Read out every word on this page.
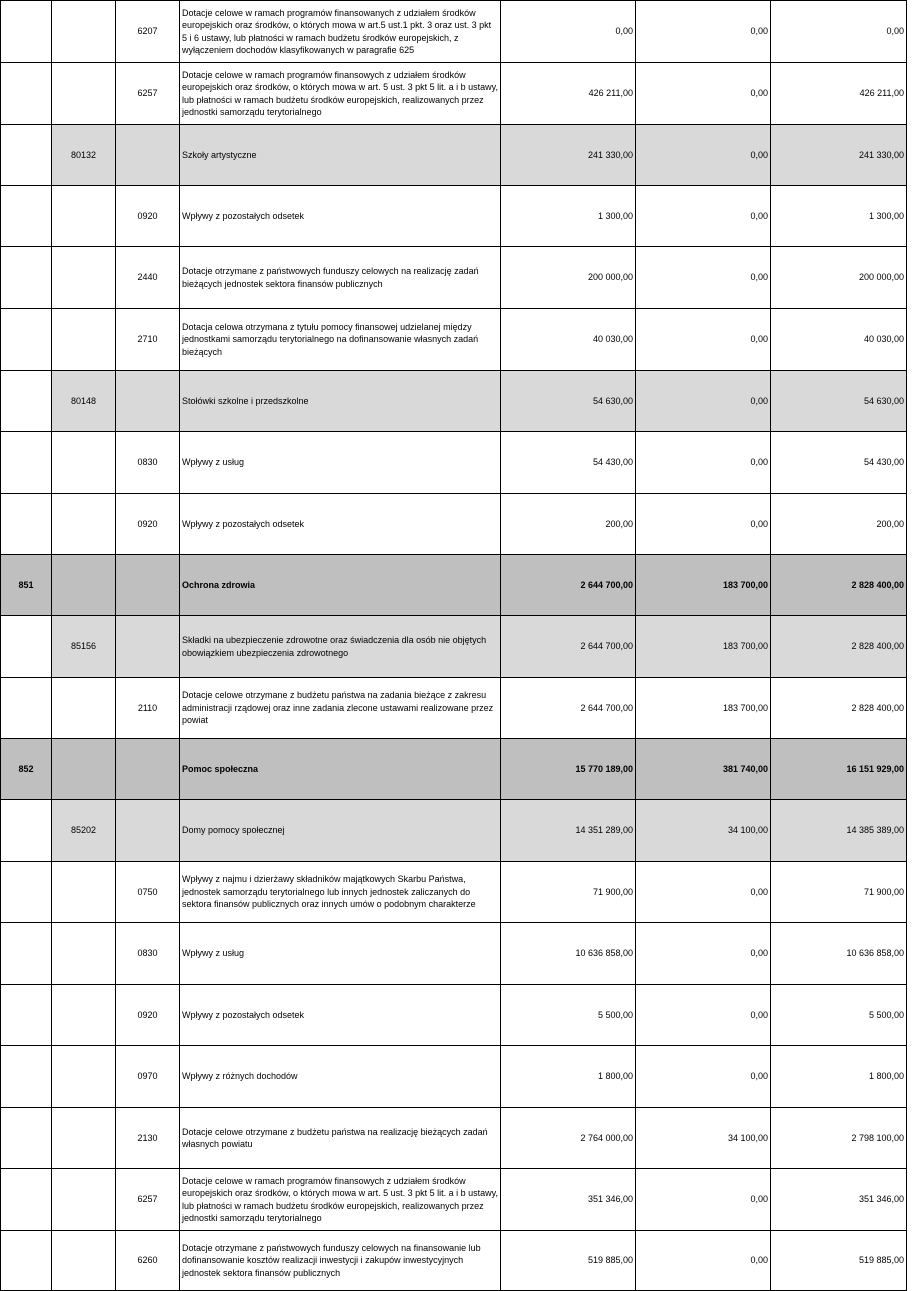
		6207	Dotacje celowe w ramach programów finansowanych z udziałem środków europejskich oraz środków, o których mowa w art.5 ust.1 pkt. 3 oraz ust. 3 pkt 5 i 6 ustawy, lub płatności w ramach budżetu środków europejskich, z wyłączeniem dochodów klasyfikowanych w paragrafie 625	0,00	0,00	0,00
		6257	Dotacje celowe w ramach programów finansowych z udziałem środków europejskich oraz środków, o których mowa w art. 5 ust. 3 pkt 5 lit. a i b ustawy, lub płatności w ramach budżetu środków europejskich, realizowanych przez jednostki samorządu terytorialnego	426 211,00	0,00	426 211,00
	80132		Szkoły artystyczne	241 330,00	0,00	241 330,00
		0920	Wpływy z pozostałych odsetek	1 300,00	0,00	1 300,00
		2440	Dotacje otrzymane z państwowych funduszy celowych na realizację zadań bieżących jednostek sektora finansów publicznych	200 000,00	0,00	200 000,00
		2710	Dotacja celowa otrzymana z tytułu pomocy finansowej udzielanej między jednostkami samorządu terytorialnego na dofinansowanie własnych zadań bieżących	40 030,00	0,00	40 030,00
	80148		Stołówki szkolne i przedszkolne	54 630,00	0,00	54 630,00
		0830	Wpływy z usług	54 430,00	0,00	54 430,00
		0920	Wpływy z pozostałych odsetek	200,00	0,00	200,00
851			Ochrona zdrowia	2 644 700,00	183 700,00	2 828 400,00
	85156		Składki na ubezpieczenie zdrowotne oraz świadczenia dla osób nie objętych obowiązkiem ubezpieczenia zdrowotnego	2 644 700,00	183 700,00	2 828 400,00
		2110	Dotacje celowe otrzymane z budżetu państwa na zadania bieżące z zakresu administracji rządowej oraz inne zadania zlecone ustawami realizowane przez powiat	2 644 700,00	183 700,00	2 828 400,00
852			Pomoc społeczna	15 770 189,00	381 740,00	16 151 929,00
	85202		Domy pomocy społecznej	14 351 289,00	34 100,00	14 385 389,00
		0750	Wpływy z najmu i dzierżawy składników majątkowych Skarbu Państwa, jednostek samorządu terytorialnego lub innych jednostek zaliczanych do sektora finansów publicznych oraz innych umów o podobnym charakterze	71 900,00	0,00	71 900,00
		0830	Wpływy z usług	10 636 858,00	0,00	10 636 858,00
		0920	Wpływy z pozostałych odsetek	5 500,00	0,00	5 500,00
		0970	Wpływy z różnych dochodów	1 800,00	0,00	1 800,00
		2130	Dotacje celowe otrzymane z budżetu państwa na realizację bieżących zadań własnych powiatu	2 764 000,00	34 100,00	2 798 100,00
		6257	Dotacje celowe w ramach programów finansowych z udziałem środków europejskich oraz środków, o których mowa w art. 5 ust. 3 pkt 5 lit. a i b ustawy, lub płatności w ramach budżetu środków europejskich, realizowanych przez jednostki samorządu terytorialnego	351 346,00	0,00	351 346,00
		6260	Dotacje otrzymane z państwowych funduszy celowych na finansowanie lub dofinansowanie kosztów realizacji inwestycji i zakupów inwestycyjnych jednostek sektora finansów publicznych	519 885,00	0,00	519 885,00
